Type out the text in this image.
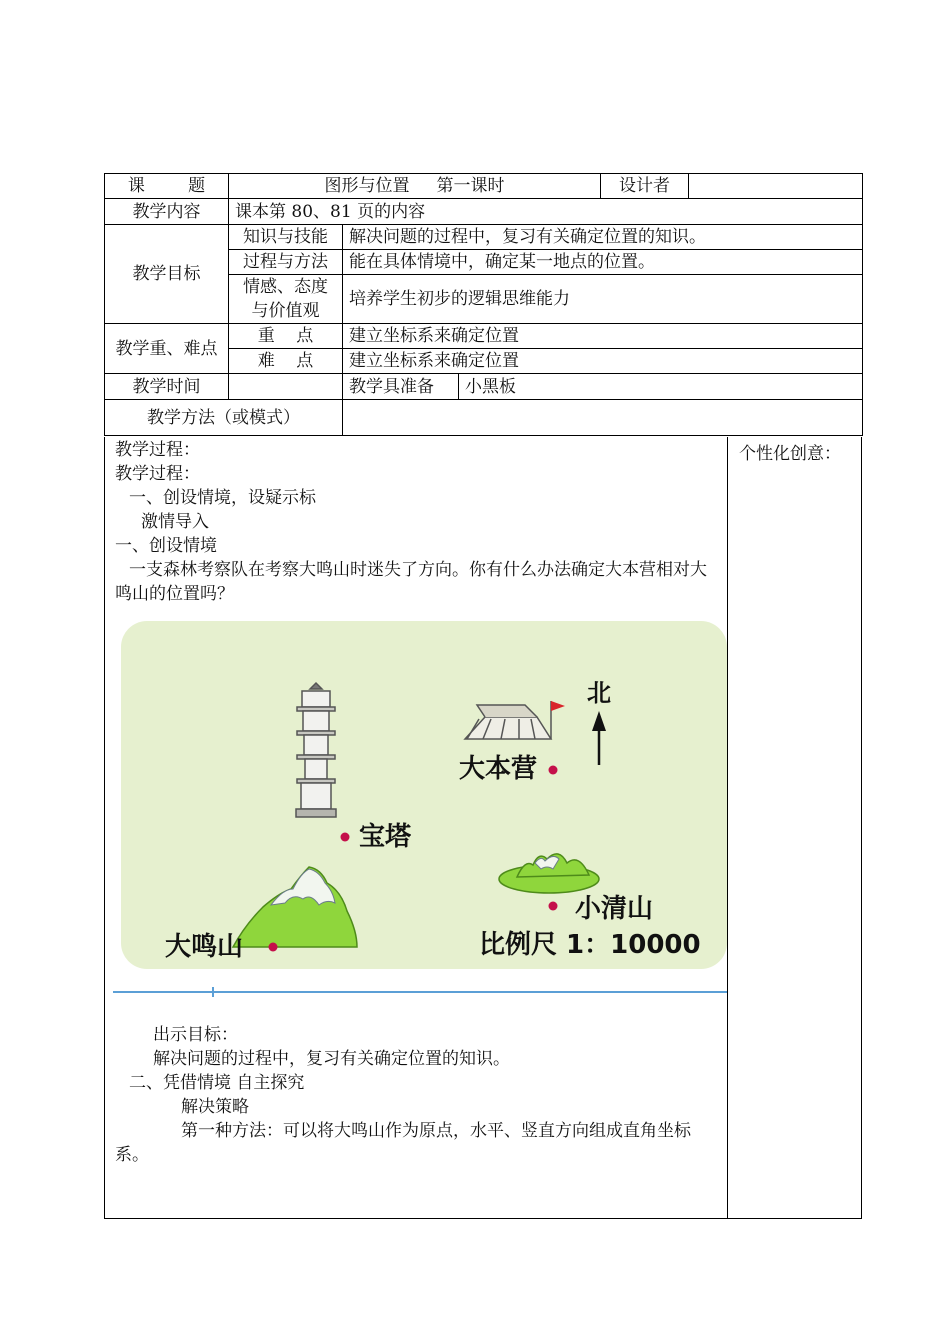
课        题	图形与位置     第一课时			设计者	
教学内容	课本第 80、81 页的内容				
教学目标	知识与技能	解决问题的过程中，复习有关确定位置的知识。			
	过程与方法	能在具体情境中，确定某一地点的位置。			
	情感、态度与价值观	培养学生初步的逻辑思维能力			
教学重、难点	重    点	建立坐标系来确定位置			
	难    点	建立坐标系来确定位置			
教学时间		教学具准备	小黑板		
教学方法（或模式）					
个性化创意：

教学过程：

教学过程：

一、创设情境，设疑示标

激情导入

一、创设情境

一支森林考察队在考察大鸣山时迷失了方向。你有什么办法确定大本营相对大鸣山的位置吗？

宝塔
大本营
北
小清山
大鸣山	比例尺 1：10000

出示目标：

解决问题的过程中，复习有关确定位置的知识。

二、凭借情境 自主探究

解决策略

第一种方法：可以将大鸣山作为原点，水平、竖直方向组成直角坐标系。
